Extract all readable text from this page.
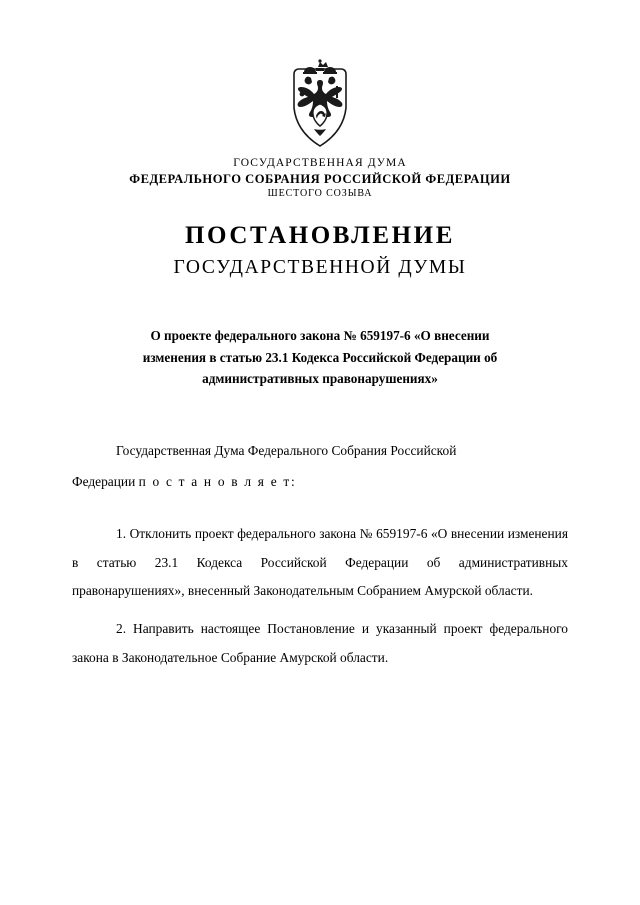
ГОСУДАРСТВЕННАЯ ДУМА
ФЕДЕРАЛЬНОГО СОБРАНИЯ РОССИЙСКОЙ ФЕДЕРАЦИИ
ШЕСТОГО СОЗЫВА
ПОСТАНОВЛЕНИЕ
ГОСУДАРСТВЕННОЙ ДУМЫ
О проекте федерального закона № 659197-6 «О внесении изменения в статью 23.1 Кодекса Российской Федерации об административных правонарушениях»

Государственная Дума Федерального Собрания Российской

Федерации п о с т а н о в л я е т:

1. Отклонить проект федерального закона № 659197-6 «О внесении изменения в статью 23.1 Кодекса Российской Федерации об административных правонарушениях», внесенный Законодательным Собранием Амурской области.

2. Направить настоящее Постановление и указанный проект федерального закона в Законодательное Собрание Амурской области.
